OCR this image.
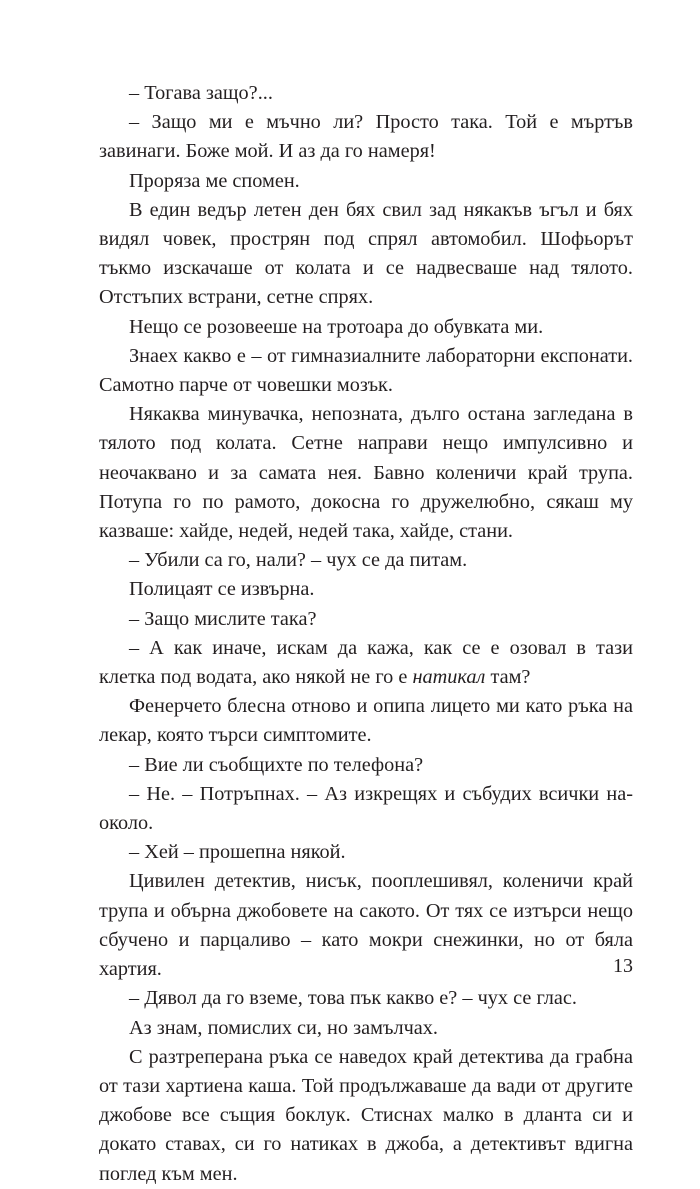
– Тогава защо?...

– Защо ми е мъчно ли? Просто така. Той е мъртъв завинаги. Боже мой. И аз да го намеря!

Прорязa ме спомен.

В един ведър летен ден бях свил зад някакъв ъгъл и бях видял човек, прострян под спрял автомобил. Шофьорът тъкмо изскачаше от колата и се надвесваше над тялото. Отстъпих встрани, сетне спрях.

Нещо се розовееше на тротоара до обувката ми.

Знаех какво е – от гимназиалните лабораторни експонати. Самотно парче от човешки мозък.

Някаква минувачка, непозната, дълго остана загледана в тялото под колата. Сетне направи нещо импулсивно и неочаквано и за самата нея. Бавно коленичи край трупа. Потупа го по рамото, докосна го дружелюбно, сякаш му казваше: хайде, недей, недей така, хайде, стани.

– Убили са го, нали? – чух се да питам.

Полицаят се извърна.

– Защо мислите така?

– А как иначе, искам да кажа, как се е озовал в тази клетка под водата, ако някой не го е натикал там?

Фенерчето блесна отново и опипа лицето ми като ръка на лекар, която търси симптомите.

– Вие ли съобщихте по телефона?

– Не. – Потръпнах. – Аз изкрещях и събудих всички наоколо.

– Хей – прошепна някой.

Цивилен детектив, нисък, пооплешивял, коленичи край трупа и обърна джобовете на сакото. От тях се изтърси нещо сбучено и парцаливо – като мокри снежинки, но от бяла хартия.

– Дявол да го вземе, това пък какво е? – чух се глас.

Аз знам, помислих си, но замълчах.

С разтреперана ръка се наведох край детектива да грабна от тази хартиена каша. Той продължаваше да вади от другите джобове все същия боклук. Стиснах малко в дланта си и докато ставах, си го натиках в джоба, а детективът вдигна поглед към мен.

13
